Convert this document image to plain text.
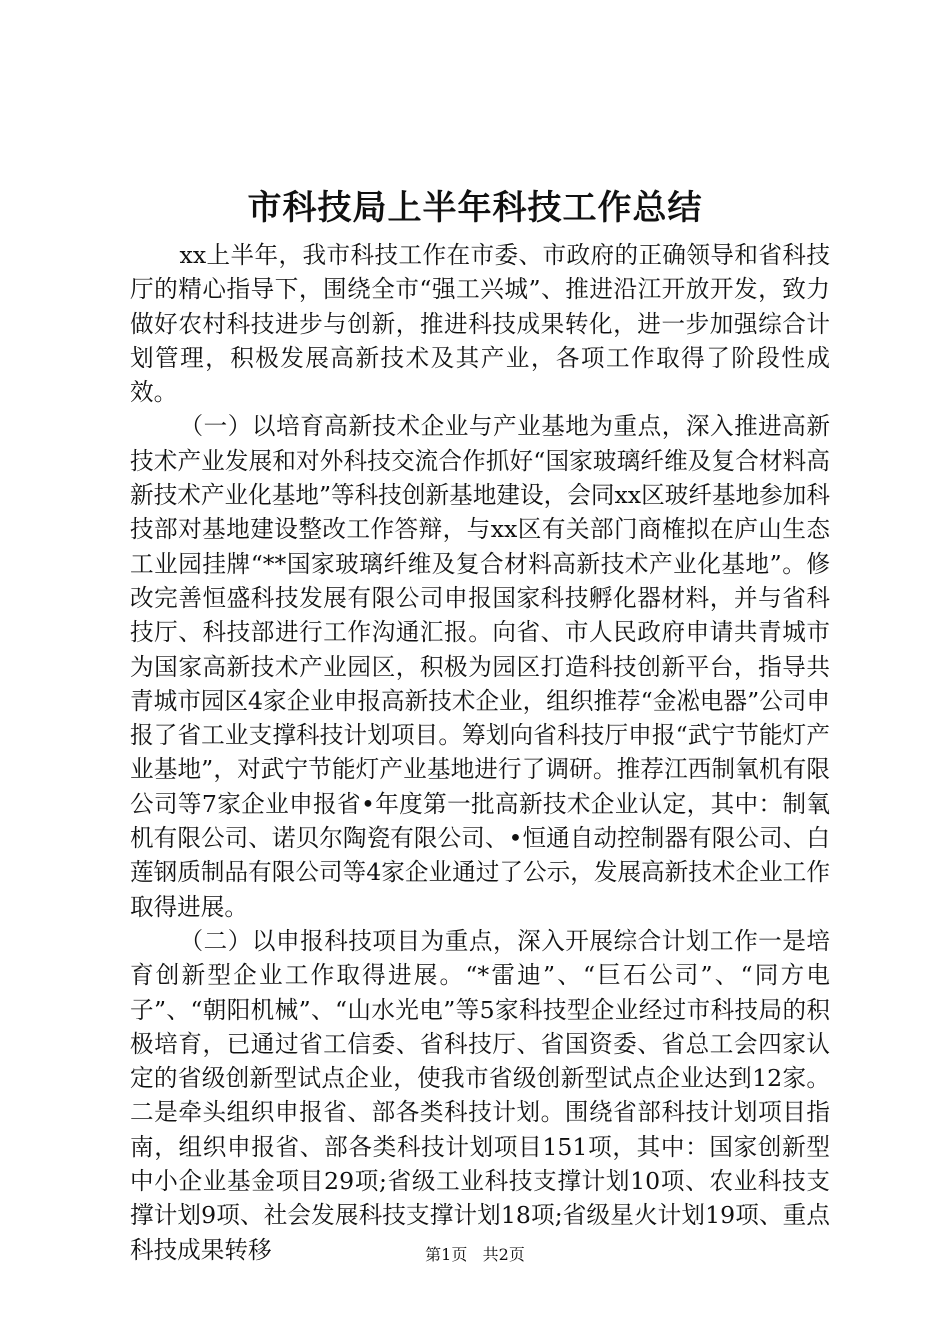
市科技局上半年科技工作总结

xx上半年，我市科技工作在市委、市政府的正确领导和省科技厅的精心指导下，围绕全市“强工兴城”、推进沿江开放开发，致力做好农村科技进步与创新，推进科技成果转化，进一步加强综合计划管理，积极发展高新技术及其产业，各项工作取得了阶段性成效。

（一）以培育高新技术企业与产业基地为重点，深入推进高新技术产业发展和对外科技交流合作抓好“国家玻璃纤维及复合材料高新技术产业化基地”等科技创新基地建设，会同xx区玻纤基地参加科技部对基地建设整改工作答辩，与xx区有关部门商榷拟在庐山生态工业园挂牌“**国家玻璃纤维及复合材料高新技术产业化基地”。修改完善恒盛科技发展有限公司申报国家科技孵化器材料，并与省科技厅、科技部进行工作沟通汇报。向省、市人民政府申请共青城市为国家高新技术产业园区，积极为园区打造科技创新平台，指导共青城市园区4家企业申报高新技术企业，组织推荐“金凇电器”公司申报了省工业支撑科技计划项目。筹划向省科技厅申报“武宁节能灯产业基地”，对武宁节能灯产业基地进行了调研。推荐江西制氧机有限公司等7家企业申报省•年度第一批高新技术企业认定，其中：制氧机有限公司、诺贝尔陶瓷有限公司、•恒通自动控制器有限公司、白莲钢质制品有限公司等4家企业通过了公示，发展高新技术企业工作取得进展。

（二）以申报科技项目为重点，深入开展综合计划工作一是培育创新型企业工作取得进展。“*雷迪”、“巨石公司”、“同方电子”、“朝阳机械”、“山水光电”等5家科技型企业经过市科技局的积极培育，已通过省工信委、省科技厅、省国资委、省总工会四家认定的省级创新型试点企业，使我市省级创新型试点企业达到12家。二是牵头组织申报省、部各类科技计划。围绕省部科技计划项目指南，组织申报省、部各类科技计划项目151项，其中：国家创新型中小企业基金项目29项;省级工业科技支撑计划10项、农业科技支撑计划9项、社会发展科技支撑计划18项;省级星火计划19项、重点科技成果转移	第1页 共2页
